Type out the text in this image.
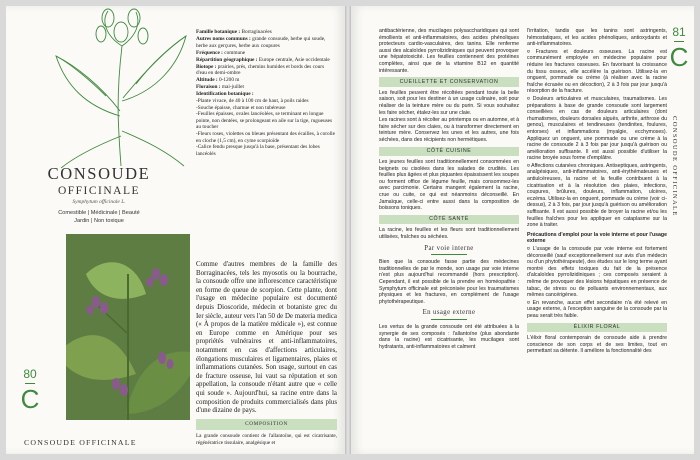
Famille botanique : Borraginacées
Autres noms communs : grande consoude, herbe qui soude, herbe aux gerçures, herbe aux coupures
Fréquence : commune
Répartition géographique : Europe centrale, Asie occidentale
Biotope : prairies, prés, chemins humides et bords des cours d'eau en demi-ombre
Altitude : 0-1200 m
Floraison : mai-juillet
Identification botanique :
-Plante vivace, de 40 à 100 cm de haut, à poils raides
-Souche épaisse, charnue et non tubéreuse
-Feuilles épaisses, ovales lancéolées, se terminant en longue pointe, non dentées, se prolongeant en aile sur la tige, rugueuses au toucher
-Fleurs roses, violettes ou bleues présentant des écailles, à corolle en cloche (1,5 cm), en cyme scorpioïde
-Calice fendu presque jusqu'à la base, présentant des lobes lancéolés
CONSOUDE
OFFICINALE
Symphytum officinale L.
Comestible | Médicinale | Beauté
Jardin | Non toxique
Comme d'autres membres de la famille des Borraginacées, tels les myosotis ou la bourrache, la consoude offre une inflorescence caractéristique en forme de queue de scorpion. Cette plante, dont l'usage en médecine populaire est documenté depuis Dioscoride, médecin et botaniste grec du Ier siècle, auteur vers l'an 50 de De materia medica (« À propos de la matière médicale »), est connue en Europe comme en Amérique pour ses propriétés vulnéraires et anti-inflammatoires, notamment en cas d'affections articulaires, élongations musculaires et ligamentaires, plaies et inflammations cutanées. Son usage, surtout en cas de fracture osseuse, lui vaut sa réputation et son appellation, la consoude n'étant autre que « celle qui soude ». Aujourd'hui, sa racine entre dans la composition de produits commercialisés dans plus d'une dizaine de pays.
COMPOSITION
La grande consoude contient de l'allantoïne, qui est cicatrisante, régénératrice tissulaire, analgésique et
80
C
CONSOUDE OFFICINALE

antibactérienne, des mucilages polysaccharidiques qui sont émollients et anti-inflammatoires, des acides phénoliques protecteurs cardio-vasculaires, des tanins. Elle renferme aussi des alcaloïdes pyrrolizidiniques qui peuvent provoquer une hépatotoxicité. Les feuilles contiennent des protéines complètes, ainsi que de la vitamine B12 en quantité intéressante.

CUEILLETTE ET CONSERVATION

Les feuilles peuvent être récoltées pendant toute la belle saison, soit pour les destiner à un usage culinaire, soit pour réaliser de la teinture mère ou du purin. Si vous souhaitez les faire sécher, étalez-les sur une claie.

Les racines sont à récolter au printemps ou en automne, et à faire sécher sur des claies, ou à transformer directement en teinture mère. Conservez les unes et les autres, une fois séchées, dans des récipients non hermétiques.

CÔTÉ CUISINE

Les jeunes feuilles sont traditionnellement consommées en beignets ou cisolées dans les salades de crudités. Les feuilles plus âgées et plus piquantes épaississent les soupes ou forment office de légume feuille, mais consommez-les avec parcimonie. Certains mangent également la racine, crue ou cuite, ce qui est néanmoins déconseillé. En Jamaïque, celle-ci entre aussi dans la composition de boissons toniques.

CÔTÉ SANTÉ

La racine, les feuilles et les fleurs sont traditionnellement utilisées, fraîches ou séchées.

Par voie interne

Bien que la consoude fasse partie des médecines traditionnelles de par le monde, son usage par voie interne n'est plus aujourd'hui recommandé (hors prescription). Cependant, il est possible de la prendre en homéopathie : Symphytum officinale est préconisée pour les traumatismes physiques et les fractures, en complément de l'usage phytothérapeutique.

En usage externe

Les vertus de la grande consoude ont été attribuées à la synergie de ses composés : l'allantoïne (plus abondante dans la racine) est cicatrisante, les mucilages sont hydratants, anti-inflammatoires et calment

l'irritation, tandis que les tanins sont astringents, hémostatiques, et les acides phénoliques, antioxydants et anti-inflammatoires.

¤ Fractures et douleurs osseuses. La racine est communément employée en médecine populaire pour réduire les fractures osseuses. En favorisant la croissance du tissu osseux, elle accélère la guérison. Utilisez-la en onguent, pommade ou crème (à réaliser avec la racine fraîche écrasée ou en décoction), 2 à 3 fois par jour jusqu'à résorption de la fracture.

¤ Douleurs articulaires et musculaires, traumatismes. Les préparations à base de grande consoude sont largement conseillées en cas de douleurs articulaires (dont rhumatismes, douleurs dorsales aiguës, arthrite, arthrose du genou), musculaires et tendineuses (tendinites, foulures, entorses) et inflammations (myalgie, ecchymoses). Appliquez un onguent, une pommade ou une crème à la racine de consoude 2 à 3 fois par jour jusqu'à guérison ou amélioration suffisante. Il est aussi possible d'utiliser la racine broyée sous forme d'emplâtre.

¤ Affections cutanées chroniques. Antiseptiques, astringents, analgésiques, anti-inflammatoires, anti-érythémateuses et antiulcéreuses, la racine et la feuille contribuent à la cicatrisation et à la résolution des plaies, infections, coupures, brûlures, douleurs, inflammation, ulcères, eczéma. Utilisez-la en onguent, pommade ou crème (voir ci-dessus), 2 à 3 fois, par jour jusqu'à guérison ou amélioration suffisante. Il est aussi possible de broyer la racine et/ou les feuilles fraîches pour les appliquer en cataplasme sur la zone à traiter.

Précautions d'emploi pour la voie interne et pour l'usage externe

¤ L'usage de la consoude par voie interne est fortement déconseillé (sauf exceptionnellement sur avis d'un médecin ou d'un phytothérapeute), des études sur le long terme ayant montré des effets toxiques du fait de la présence d'alcaloïdes pyrrolizidiniques ; ces composés seraient à même de provoquer des lésions hépatiques en présence de tabac, de stress ou de polluants environnementaux, aux mêmes cancérigènes.

¤ En revanche, aucun effet secondaire n'a été relevé en usage externe, à l'exception sanguine de la consoude par la peau serait très faible.

ÉLIXIR FLORAL

L'élixir floral contemporain de consoude aide à prendre conscience de son corps et de ses limites, tout en permettant sa détente. Il améliore la fonctionnalité des

81
C
CONSOUDE OFFICINALE
